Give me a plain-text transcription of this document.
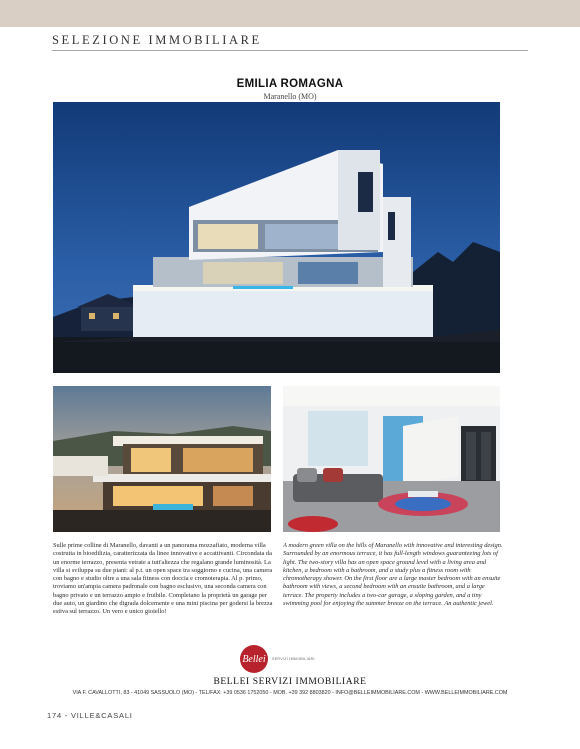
SELEZIONE IMMOBILIARE
EMILIA ROMAGNA
Maranello (MO)
Sulle prime colline di Maranello, davanti a un panorama mozzafiato, moderna villa costruita in bioedilizia, caratterizzata da linee innovative e accattivanti. Circondata da un enorme terrazzo, presenta vetrate a tutt'altezza che regalano grande luminosità. La villa si sviluppa su due piani: al p.t. un open space tra soggiorno e cucina, una camera con bagno e studio oltre a una sala fitness con doccia e cromoterapia. Al p. primo, troviamo un'ampia camera padronale con bagno esclusivo, una seconda camera con bagno privato e un terrazzo ampio e fruibile. Completano la proprietà un garage per due auto, un giardino che digrada dolcemente e una mini piscina per godersi la brezza estiva sul terrazzo. Un vero e unico gioiello!
A modern green villa on the hills of Maranello with innovative and interesting design. Surrounded by an enormous terrace, it has full-length windows guaranteeing lots of light. The two-story villa has an open space ground level with a living area and kitchen, a bedroom with a bathroom, and a study plus a fitness room with chromotherapy shower. On the first floor are a large master bedroom with an ensuite bathroom with views, a second bedroom with an ensuite bathroom, and a large terrace. The property includes a two-car garage, a sloping garden, and a tiny swimming pool for enjoying the summer breeze on the terrace. An authentic jewel.
Bellei	SERVIZI IMMOBILIARI
BELLEI SERVIZI IMMOBILIARE
VIA F. CAVALLOTTI, 83 - 41049 SASSUOLO (MO) - TEL/FAX: +39 0536 1752050 - MOB. +39 392 8803820 - INFO@BELLEIMMOBILIARE.COM - WWW.BELLEIMMOBILIARE.COM
174 - VILLE&CASALI
